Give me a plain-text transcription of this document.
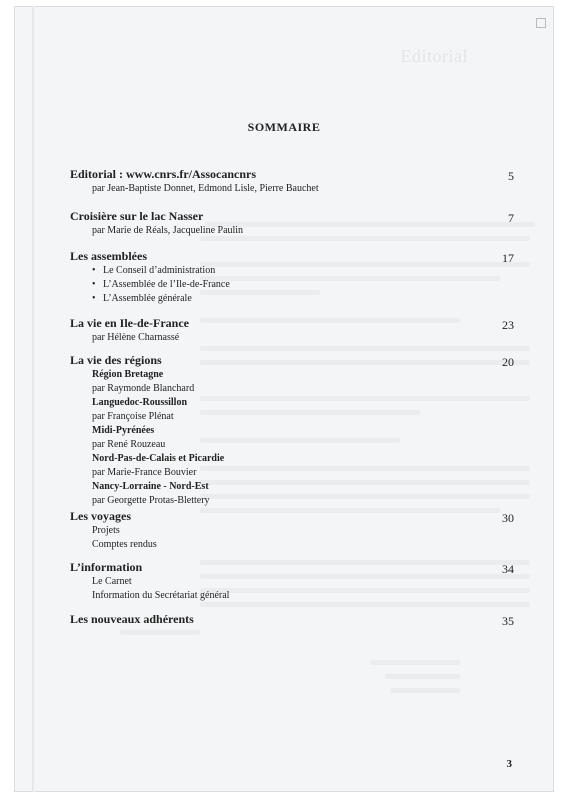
Editorial
SOMMAIRE
Editorial : www.cnrs.fr/Assocancnrs	5
par Jean-Baptiste Donnet, Edmond Lisle, Pierre Bauchet
Croisière sur le lac Nasser	7
par Marie de Réals, Jacqueline Paulin
Les assemblées	17
• Le Conseil d’administration
• L’Assemblée de l’Ile-de-France
• L’Assemblée générale
La vie en Ile-de-France	23
par Hélène Charnassé
La vie des régions	20
Région Bretagne
par Raymonde Blanchard
Languedoc-Roussillon
par Françoise Plénat
Midi-Pyrénées
par René Rouzeau
Nord-Pas-de-Calais et Picardie
par Marie-France Bouvier
Nancy-Lorraine - Nord-Est
par Georgette Protas-Blettery
Les voyages	30
Projets
Comptes rendus
L’information	34
Le Carnet
Information du Secrétariat général
Les nouveaux adhérents	35
3
